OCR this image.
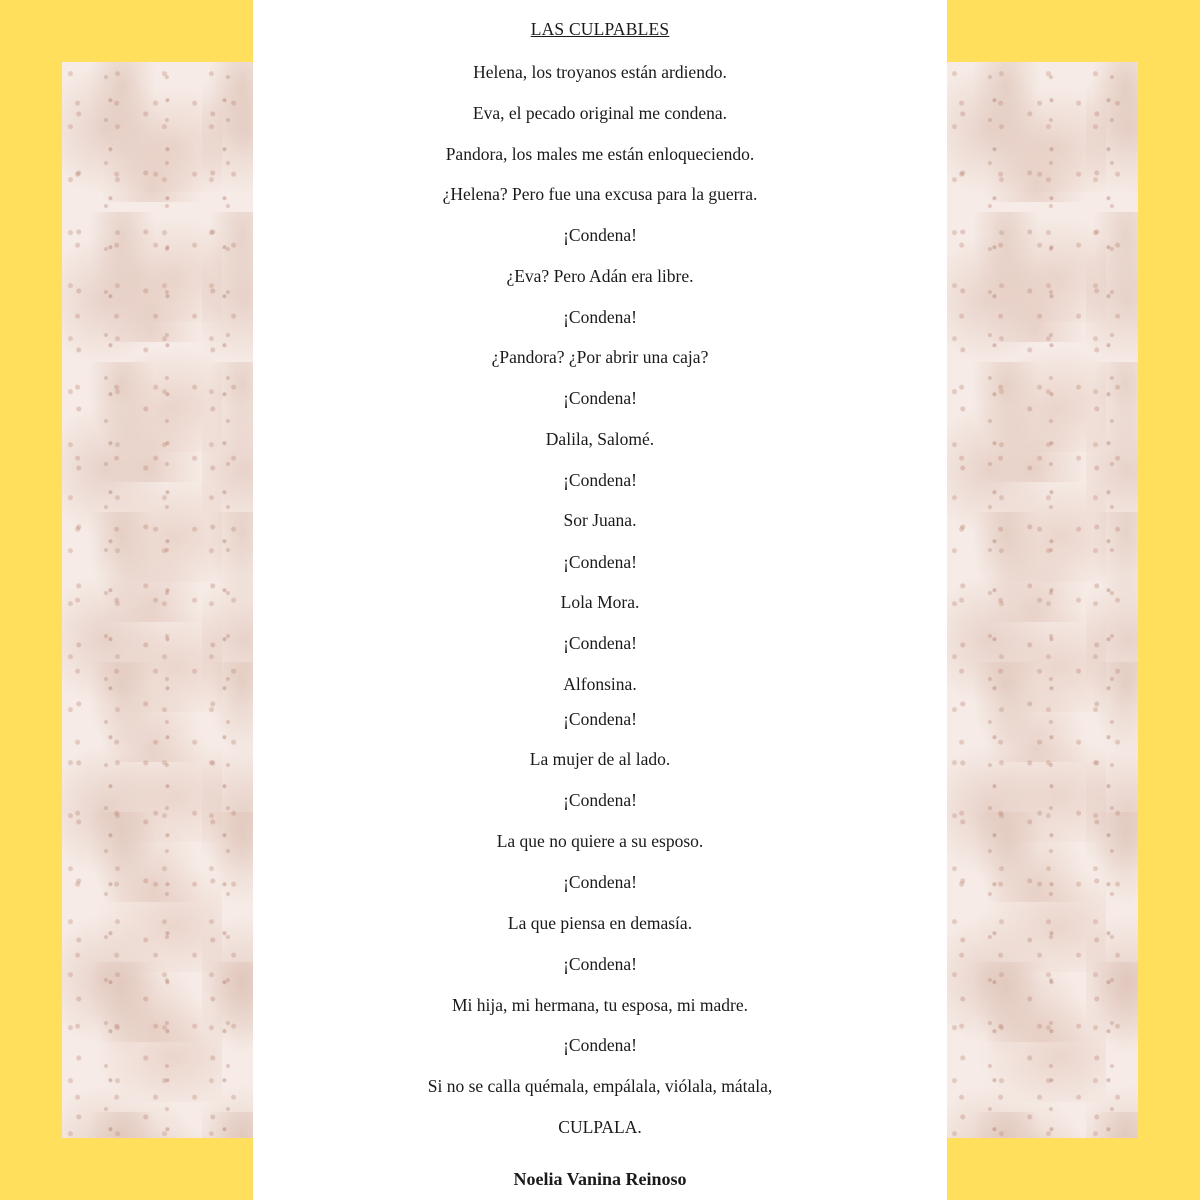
LAS CULPABLES
Helena, los troyanos están ardiendo.
Eva, el pecado original me condena.
Pandora, los males me están enloqueciendo.
¿Helena? Pero fue una excusa para la guerra.
¡Condena!
¿Eva? Pero Adán era libre.
¡Condena!
¿Pandora? ¿Por abrir una caja?
¡Condena!
Dalila, Salomé.
¡Condena!
Sor Juana.
¡Condena!
Lola Mora.
¡Condena!
Alfonsina.
¡Condena!
La mujer de al lado.
¡Condena!
La que no quiere a su esposo.
¡Condena!
La que piensa en demasía.
¡Condena!
Mi hija, mi hermana, tu esposa, mi madre.
¡Condena!
Si no se calla quémala, empálala, viólala, mátala,
CULPALA.
Noelia Vanina Reinoso
